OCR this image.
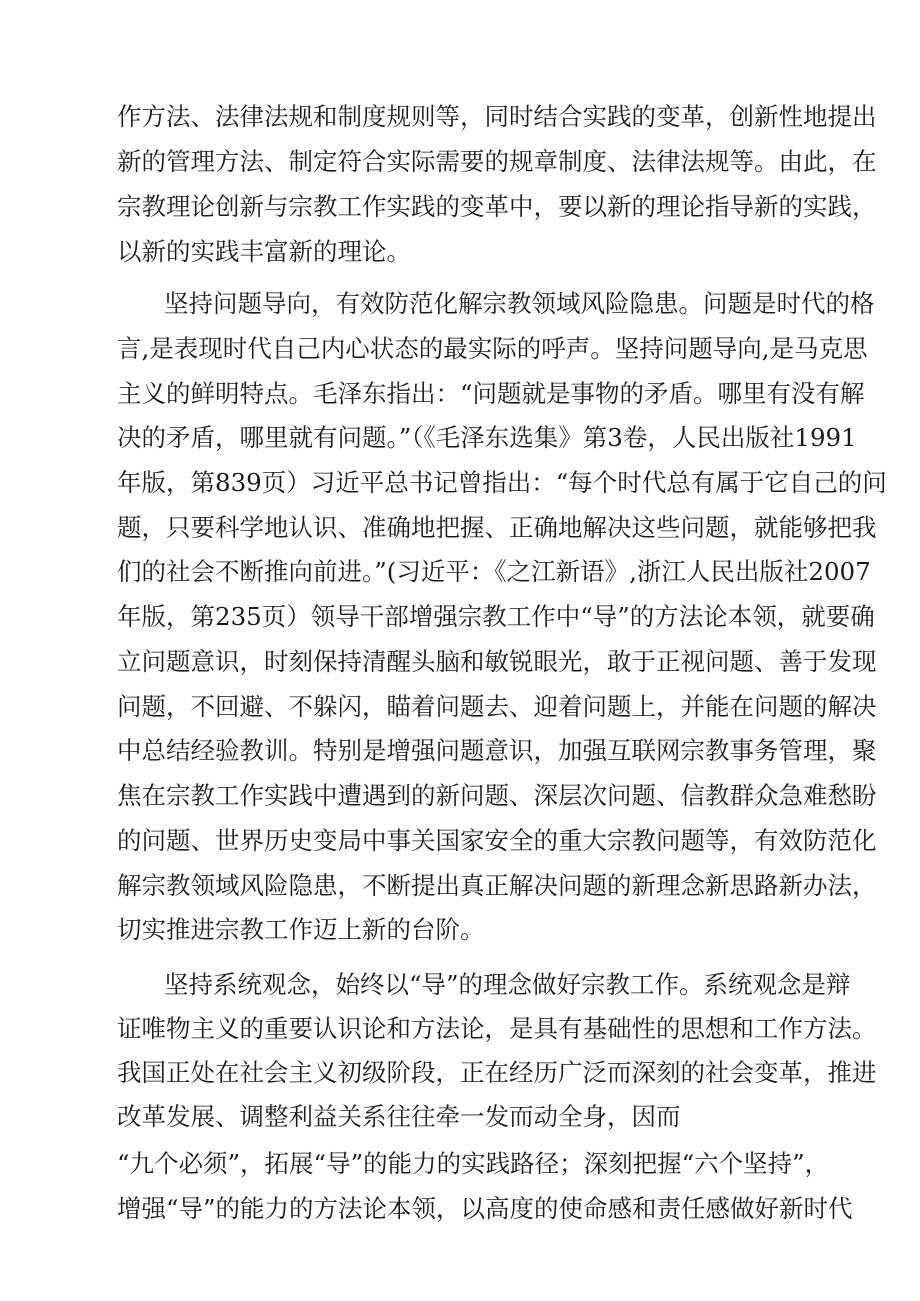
作方法、法律法规和制度规则等，同时结合实践的变革，创新性地提出
新的管理方法、制定符合实际需要的规章制度、法律法规等。由此，在
宗教理论创新与宗教工作实践的变革中，要以新的理论指导新的实践，
以新的实践丰富新的理论。
坚持问题导向，有效防范化解宗教领域风险隐患。问题是时代的格
言,是表现时代自己内心状态的最实际的呼声。坚持问题导向,是马克思
主义的鲜明特点。毛泽东指出：“问题就是事物的矛盾。哪里有没有解
决的矛盾，哪里就有问题。”（《毛泽东选集》第3卷，人民出版社1991
年版，第839页）习近平总书记曾指出：“每个时代总有属于它自己的问
题，只要科学地认识、准确地把握、正确地解决这些问题，就能够把我
们的社会不断推向前进。”(习近平：《之江新语》,浙江人民出版社2007
年版，第235页）领导干部增强宗教工作中“导”的方法论本领，就要确
立问题意识，时刻保持清醒头脑和敏锐眼光，敢于正视问题、善于发现
问题，不回避、不躲闪，瞄着问题去、迎着问题上，并能在问题的解决
中总结经验教训。特别是增强问题意识，加强互联网宗教事务管理，聚
焦在宗教工作实践中遭遇到的新问题、深层次问题、信教群众急难愁盼
的问题、世界历史变局中事关国家安全的重大宗教问题等，有效防范化
解宗教领域风险隐患，不断提出真正解决问题的新理念新思路新办法，
切实推进宗教工作迈上新的台阶。
坚持系统观念，始终以“导”的理念做好宗教工作。系统观念是辩
证唯物主义的重要认识论和方法论，是具有基础性的思想和工作方法。
我国正处在社会主义初级阶段，正在经历广泛而深刻的社会变革，推进
改革发展、调整利益关系往往牵一发而动全身，因而
“九个必须”，拓展“导”的能力的实践路径；深刻把握“六个坚持”，
增强“导”的能力的方法论本领，以高度的使命感和责任感做好新时代
